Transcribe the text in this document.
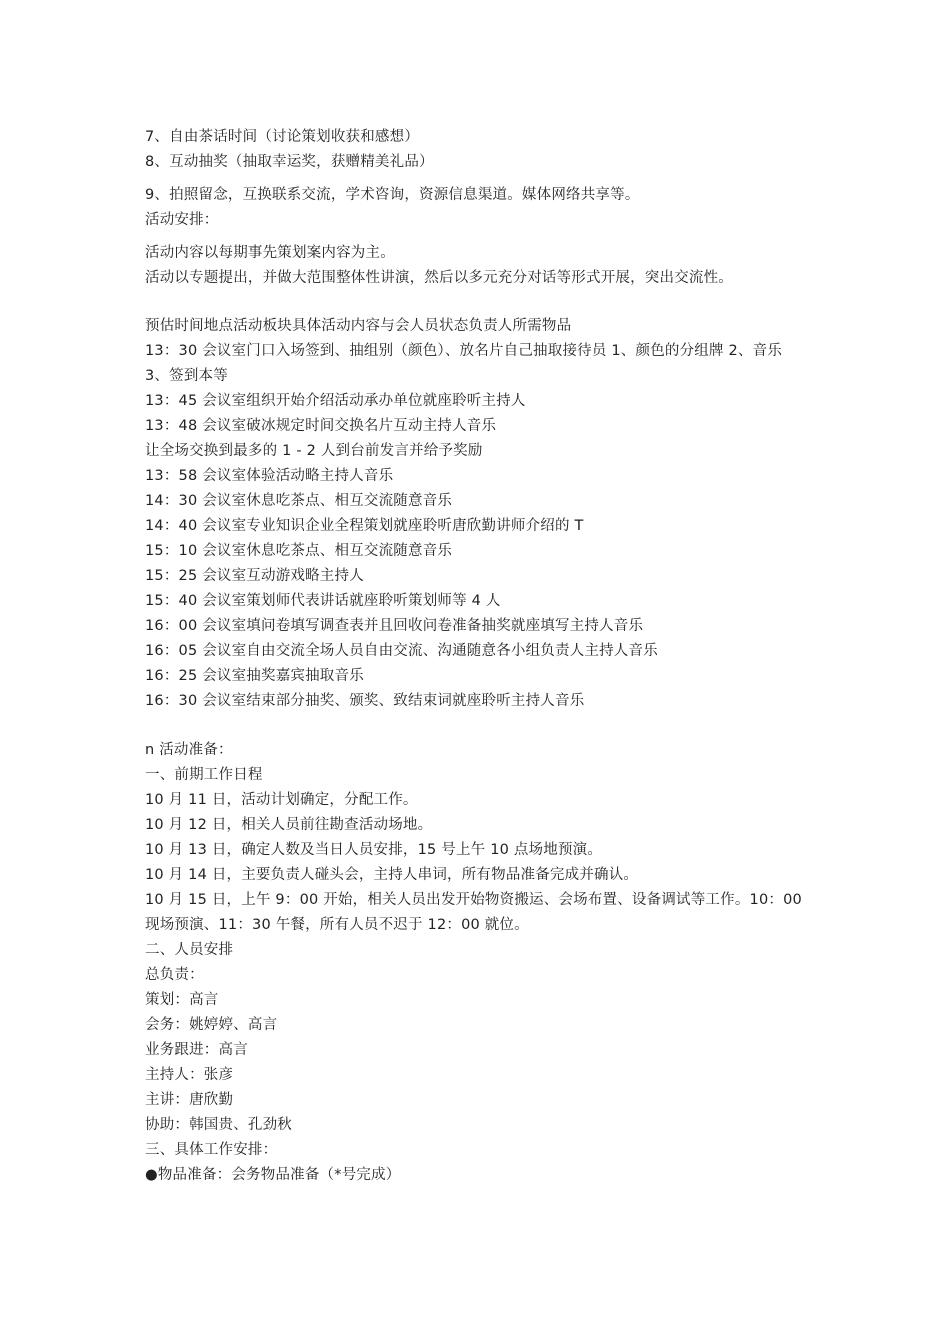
7、自由茶话时间（讨论策划收获和感想）
8、互动抽奖（抽取幸运奖，获赠精美礼品）
9、拍照留念，互换联系交流，学术咨询，资源信息渠道。媒体网络共享等。
活动安排：
活动内容以每期事先策划案内容为主。
活动以专题提出，并做大范围整体性讲演，然后以多元充分对话等形式开展，突出交流性。
预估时间地点活动板块具体活动内容与会人员状态负责人所需物品
13：30 会议室门口入场签到、抽组别（颜色）、放名片自己抽取接待员 1、颜色的分组牌 2、音乐
3、签到本等
13：45 会议室组织开始介绍活动承办单位就座聆听主持人
13：48 会议室破冰规定时间交换名片互动主持人音乐
让全场交换到最多的 1 - 2 人到台前发言并给予奖励
13：58 会议室体验活动略主持人音乐
14：30 会议室休息吃茶点、相互交流随意音乐
14：40 会议室专业知识企业全程策划就座聆听唐欣勤讲师介绍的 T
15：10 会议室休息吃茶点、相互交流随意音乐
15：25 会议室互动游戏略主持人
15：40 会议室策划师代表讲话就座聆听策划师等 4 人
16：00 会议室填问卷填写调查表并且回收问卷准备抽奖就座填写主持人音乐
16：05 会议室自由交流全场人员自由交流、沟通随意各小组负责人主持人音乐
16：25 会议室抽奖嘉宾抽取音乐
16：30 会议室结束部分抽奖、颁奖、致结束词就座聆听主持人音乐
n 活动准备：
一、前期工作日程
10 月 11 日，活动计划确定，分配工作。
10 月 12 日，相关人员前往勘查活动场地。
10 月 13 日，确定人数及当日人员安排，15 号上午 10 点场地预演。
10 月 14 日，主要负责人碰头会，主持人串词，所有物品准备完成并确认。
10 月 15 日，上午 9：00 开始，相关人员出发开始物资搬运、会场布置、设备调试等工作。10：00
现场预演、11：30 午餐，所有人员不迟于 12：00 就位。
二、人员安排
总负责：
策划：高言
会务：姚婷婷、高言
业务跟进：高言
主持人：张彦
主讲：唐欣勤
协助：韩国贵、孔劲秋
三、具体工作安排：
●物品准备：会务物品准备（*号完成）
